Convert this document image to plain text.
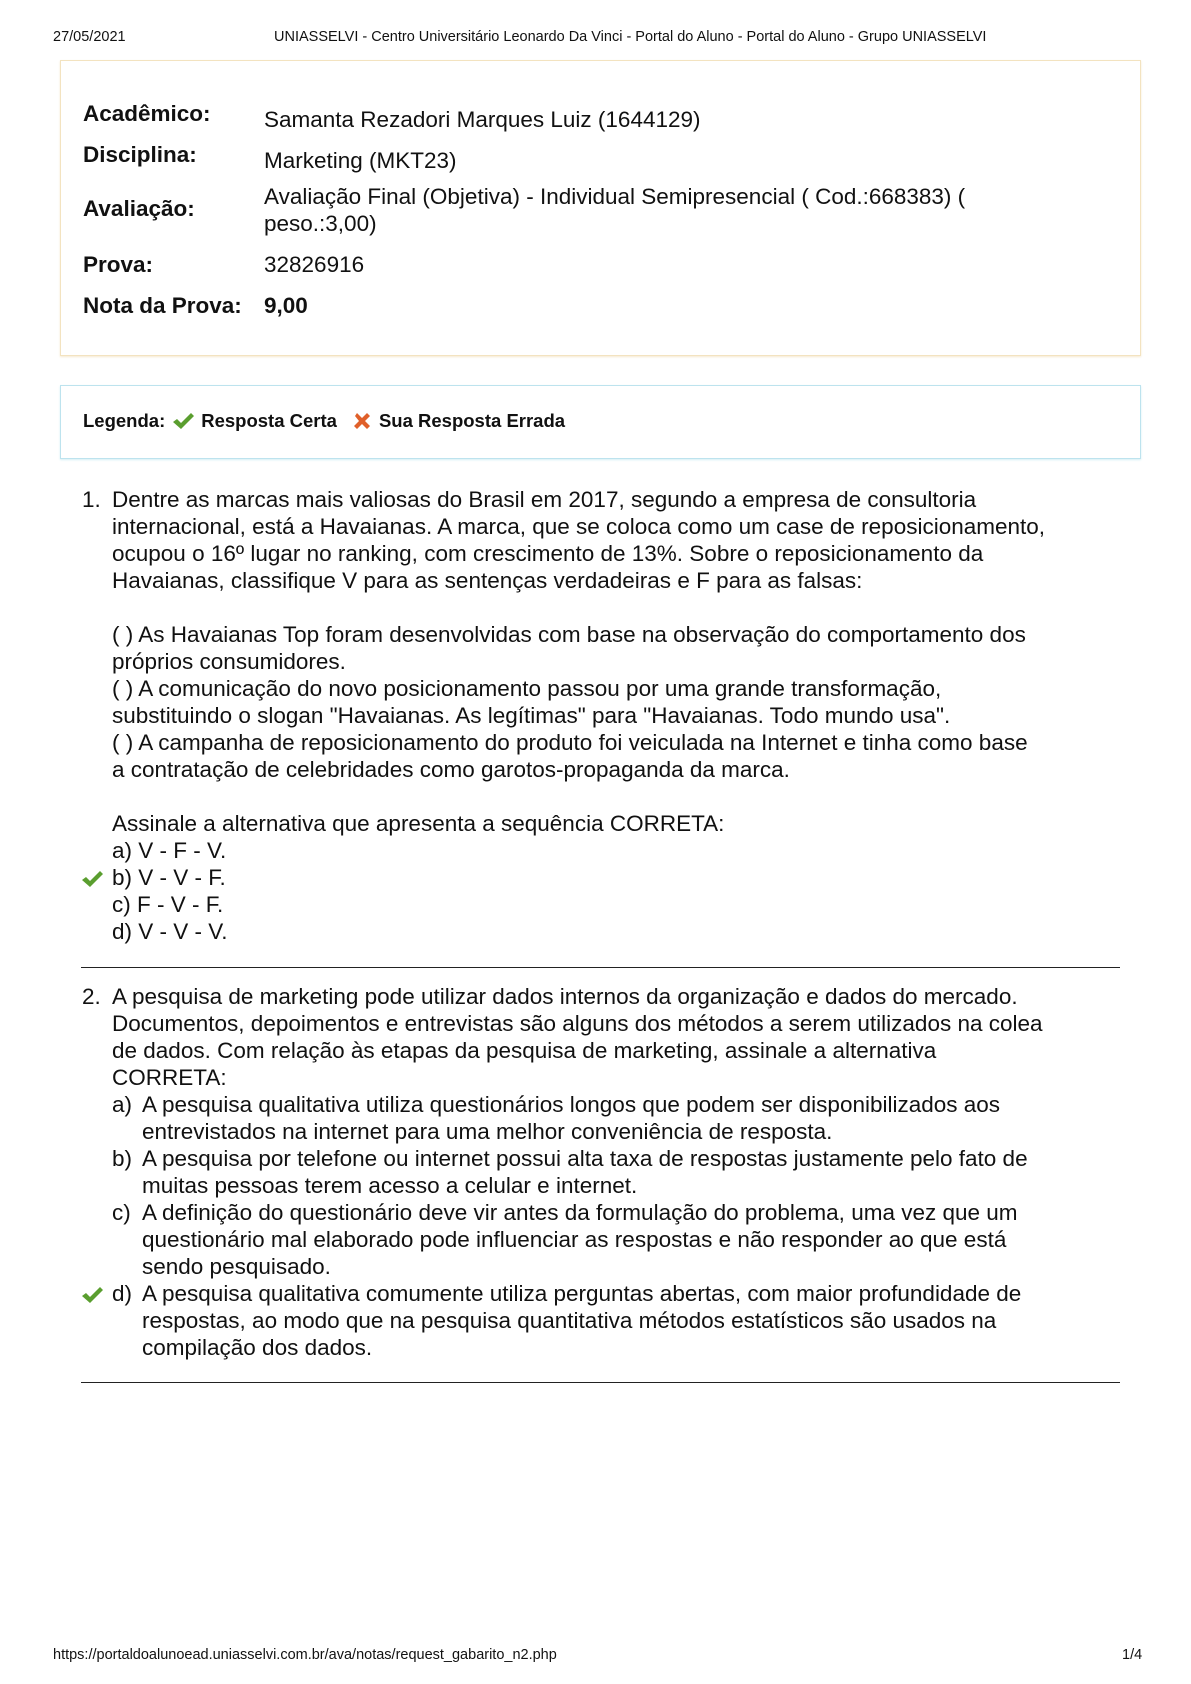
27/05/2021	UNIASSELVI - Centro Universitário Leonardo Da Vinci - Portal do Aluno - Portal do Aluno - Grupo UNIASSELVI
Acadêmico: Samanta Rezadori Marques Luiz (1644129)
Disciplina:	Marketing (MKT23)
Avaliação:	Avaliação Final (Objetiva) - Individual Semipresencial ( Cod.:668383) (
peso.:3,00)
Prova:	32826916
Nota da Prova: 9,00
Legenda: Resposta Certa Sua Resposta Errada
1. Dentre as marcas mais valiosas do Brasil em 2017, segundo a empresa de consultoria
internacional, está a Havaianas. A marca, que se coloca como um case de reposicionamento,
ocupou o 16º lugar no ranking, com crescimento de 13%. Sobre o reposicionamento da
Havaianas, classifique V para as sentenças verdadeiras e F para as falsas:
( ) As Havaianas Top foram desenvolvidas com base na observação do comportamento dos
próprios consumidores.
( ) A comunicação do novo posicionamento passou por uma grande transformação,
substituindo o slogan "Havaianas. As legítimas" para "Havaianas. Todo mundo usa".
( ) A campanha de reposicionamento do produto foi veiculada na Internet e tinha como base
a contratação de celebridades como garotos-propaganda da marca.
Assinale a alternativa que apresenta a sequência CORRETA:
a) V - F - V.
b) V - V - F.
c) F - V - F.
d) V - V - V.
2. A pesquisa de marketing pode utilizar dados internos da organização e dados do mercado.
Documentos, depoimentos e entrevistas são alguns dos métodos a serem utilizados na colea
de dados. Com relação às etapas da pesquisa de marketing, assinale a alternativa
CORRETA:
a) A pesquisa qualitativa utiliza questionários longos que podem ser disponibilizados aos
entrevistados na internet para uma melhor conveniência de resposta.
b) A pesquisa por telefone ou internet possui alta taxa de respostas justamente pelo fato de
muitas pessoas terem acesso a celular e internet.
c) A definição do questionário deve vir antes da formulação do problema, uma vez que um
questionário mal elaborado pode influenciar as respostas e não responder ao que está
sendo pesquisado.
d) A pesquisa qualitativa comumente utiliza perguntas abertas, com maior profundidade de
respostas, ao modo que na pesquisa quantitativa métodos estatísticos são usados na
compilação dos dados.
https://portaldoalunoead.uniasselvi.com.br/ava/notas/request_gabarito_n2.php	1/4
